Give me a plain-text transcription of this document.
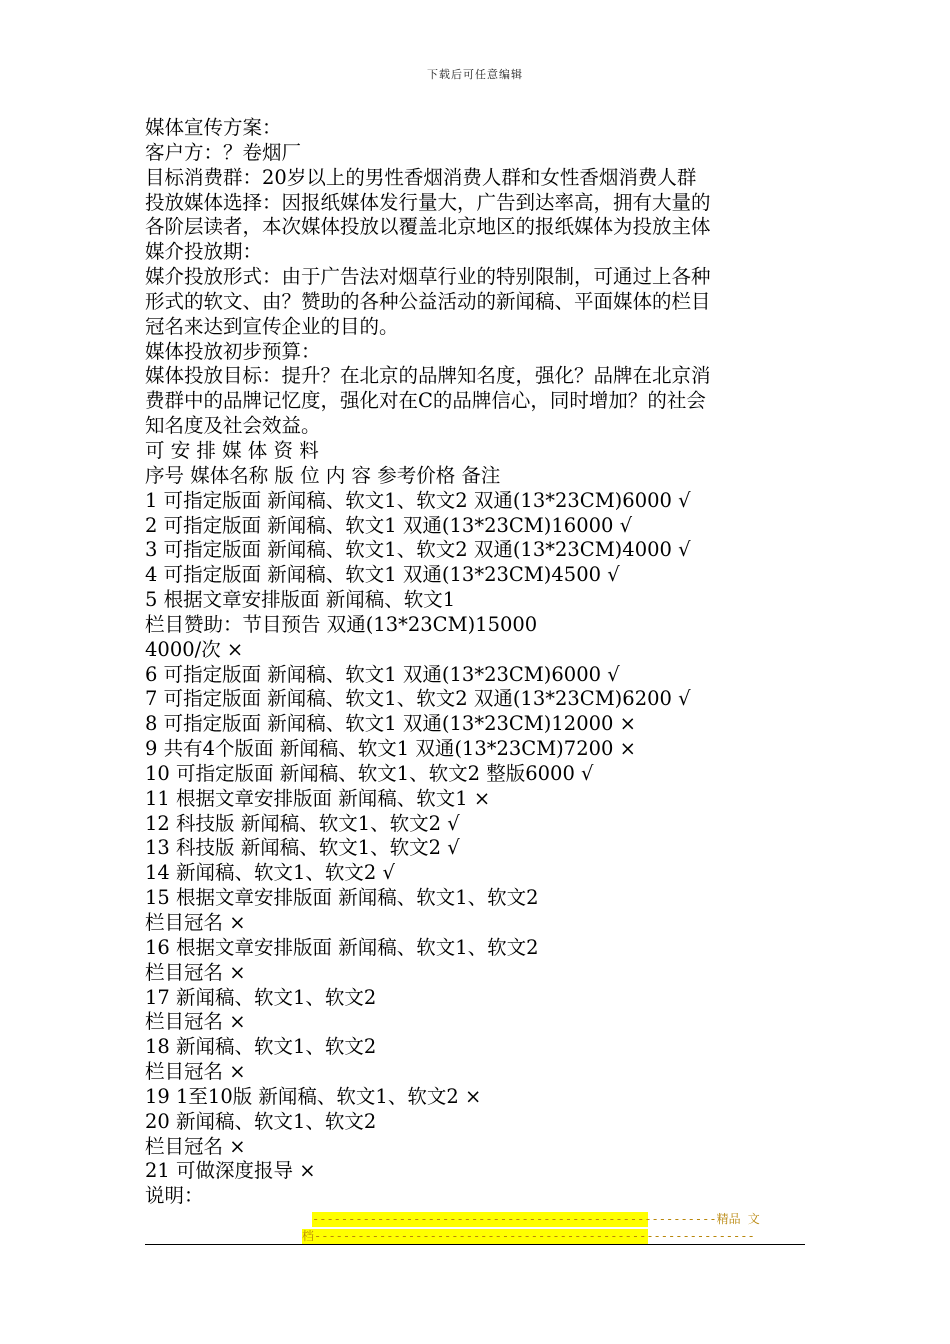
下载后可任意编辑
媒体宣传方案：
客户方：？卷烟厂
目标消费群：20岁以上的男性香烟消费人群和女性香烟消费人群
投放媒体选择：因报纸媒体发行量大，广告到达率高，拥有大量的
各阶层读者，本次媒体投放以覆盖北京地区的报纸媒体为投放主体
媒介投放期：
媒介投放形式：由于广告法对烟草行业的特别限制，可通过上各种
形式的软文、由？赞助的各种公益活动的新闻稿、平面媒体的栏目
冠名来达到宣传企业的目的。
媒体投放初步预算：
媒体投放目标：提升？在北京的品牌知名度，强化？品牌在北京消
费群中的品牌记忆度，强化对在C的品牌信心，同时增加？的社会
知名度及社会效益。
可 安 排 媒 体 资 料
序号 媒体名称 版 位 内 容 参考价格 备注
1 可指定版面 新闻稿、软文1、软文2 双通(13*23CM)6000 √
2 可指定版面 新闻稿、软文1 双通(13*23CM)16000 √
3 可指定版面 新闻稿、软文1、软文2 双通(13*23CM)4000 √
4 可指定版面 新闻稿、软文1 双通(13*23CM)4500 √
5 根据文章安排版面 新闻稿、软文1
栏目赞助：节目预告 双通(13*23CM)15000
4000/次 ×
6 可指定版面 新闻稿、软文1 双通(13*23CM)6000 √
7 可指定版面 新闻稿、软文1、软文2 双通(13*23CM)6200 √
8 可指定版面 新闻稿、软文1 双通(13*23CM)12000 ×
9 共有4个版面 新闻稿、软文1 双通(13*23CM)7200 ×
10 可指定版面 新闻稿、软文1、软文2 整版6000 √
11 根据文章安排版面 新闻稿、软文1 ×
12 科技版 新闻稿、软文1、软文2 √
13 科技版 新闻稿、软文1、软文2 √
14 新闻稿、软文1、软文2 √
15 根据文章安排版面 新闻稿、软文1、软文2
栏目冠名 ×
16 根据文章安排版面 新闻稿、软文1、软文2
栏目冠名 ×
17 新闻稿、软文1、软文2
栏目冠名 ×
18 新闻稿、软文1、软文2
栏目冠名 ×
19 1至10版 新闻稿、软文1、软文2 ×
20 新闻稿、软文1、软文2
栏目冠名 ×
21 可做深度报导 ×
说明：
--------------------------------------------------------精品 文
档-------------------------------------------------------------
